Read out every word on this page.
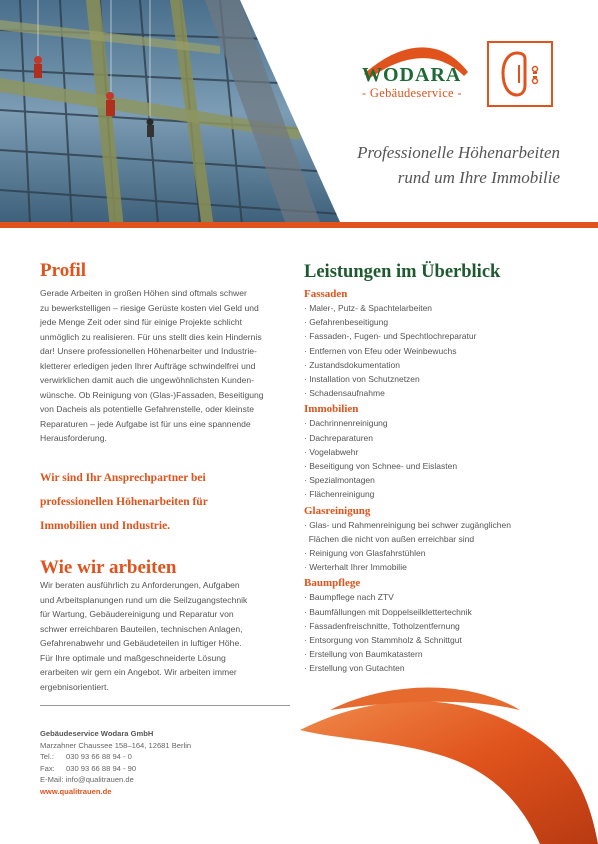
WODARA
- Gebäudeservice -
Professionelle Höhenarbeiten
rund um Ihre Immobilie
Profil

Gerade Arbeiten in großen Höhen sind oftmals schwer
zu bewerkstelligen – riesige Gerüste kosten viel Geld und
jede Menge Zeit oder sind für einige Projekte schlicht
unmöglich zu realisieren. Für uns stellt dies kein Hindernis
dar! Unsere professionellen Höhenarbeiter und Industrie-
kletterer erledigen jeden Ihrer Aufträge schwindelfrei und
verwirklichen damit auch die ungewöhnlichsten Kunden-
wünsche. Ob Reinigung von (Glas-)Fassaden, Beseitigung
von Dacheis als potentielle Gefahrenstelle, oder kleinste
Reparaturen – jede Aufgabe ist für uns eine spannende
Herausforderung.

Wir sind Ihr Ansprechpartner bei
professionellen Höhenarbeiten für
Immobilien und Industrie.
Wie wir arbeiten

Wir beraten ausführlich zu Anforderungen, Aufgaben
und Arbeitsplanungen rund um die Seilzugangstechnik
für Wartung, Gebäudereinigung und Reparatur von
schwer erreichbaren Bauteilen, technischen Anlagen,
Gefahrenabwehr und Gebäudeteilen in luftiger Höhe.
Für Ihre optimale und maßgeschneiderte Lösung
erarbeiten wir gern ein Angebot. Wir arbeiten immer
ergebnisorientiert.

Gebäudeservice Wodara GmbH
Marzahner Chaussee 158–164, 12681 Berlin
Tel.: 030 93 66 88 94 - 0
Fax: 030 93 66 88 94 - 90
E-Mail: info@qualitrauen.de
www.qualitrauen.de
Leistungen im Überblick
Fassaden
· Maler-, Putz- & Spachtelarbeiten
· Gefahrenbeseitigung
· Fassaden-, Fugen- und Spechtlochreparatur
· Entfernen von Efeu oder Weinbewuchs
· Zustandsdokumentation
· Installation von Schutznetzen
· Schadensaufnahme
Immobilien
· Dachrinnenreinigung
· Dachreparaturen
· Vogelabwehr
· Beseitigung von Schnee- und Eislasten
· Spezialmontagen
· Flächenreinigung
Glasreinigung
· Glas- und Rahmenreinigung bei schwer zugänglichen
Flächen die nicht von außen erreichbar sind
· Reinigung von Glasfahrstühlen
· Werterhalt Ihrer Immobilie
Baumpflege
· Baumpflege nach ZTV
· Baumfällungen mit Doppelseilklettertechnik
· Fassadenfreischnitte, Totholzentfernung
· Entsorgung von Stammholz & Schnittgut
· Erstellung von Baumkatastern
· Erstellung von Gutachten
